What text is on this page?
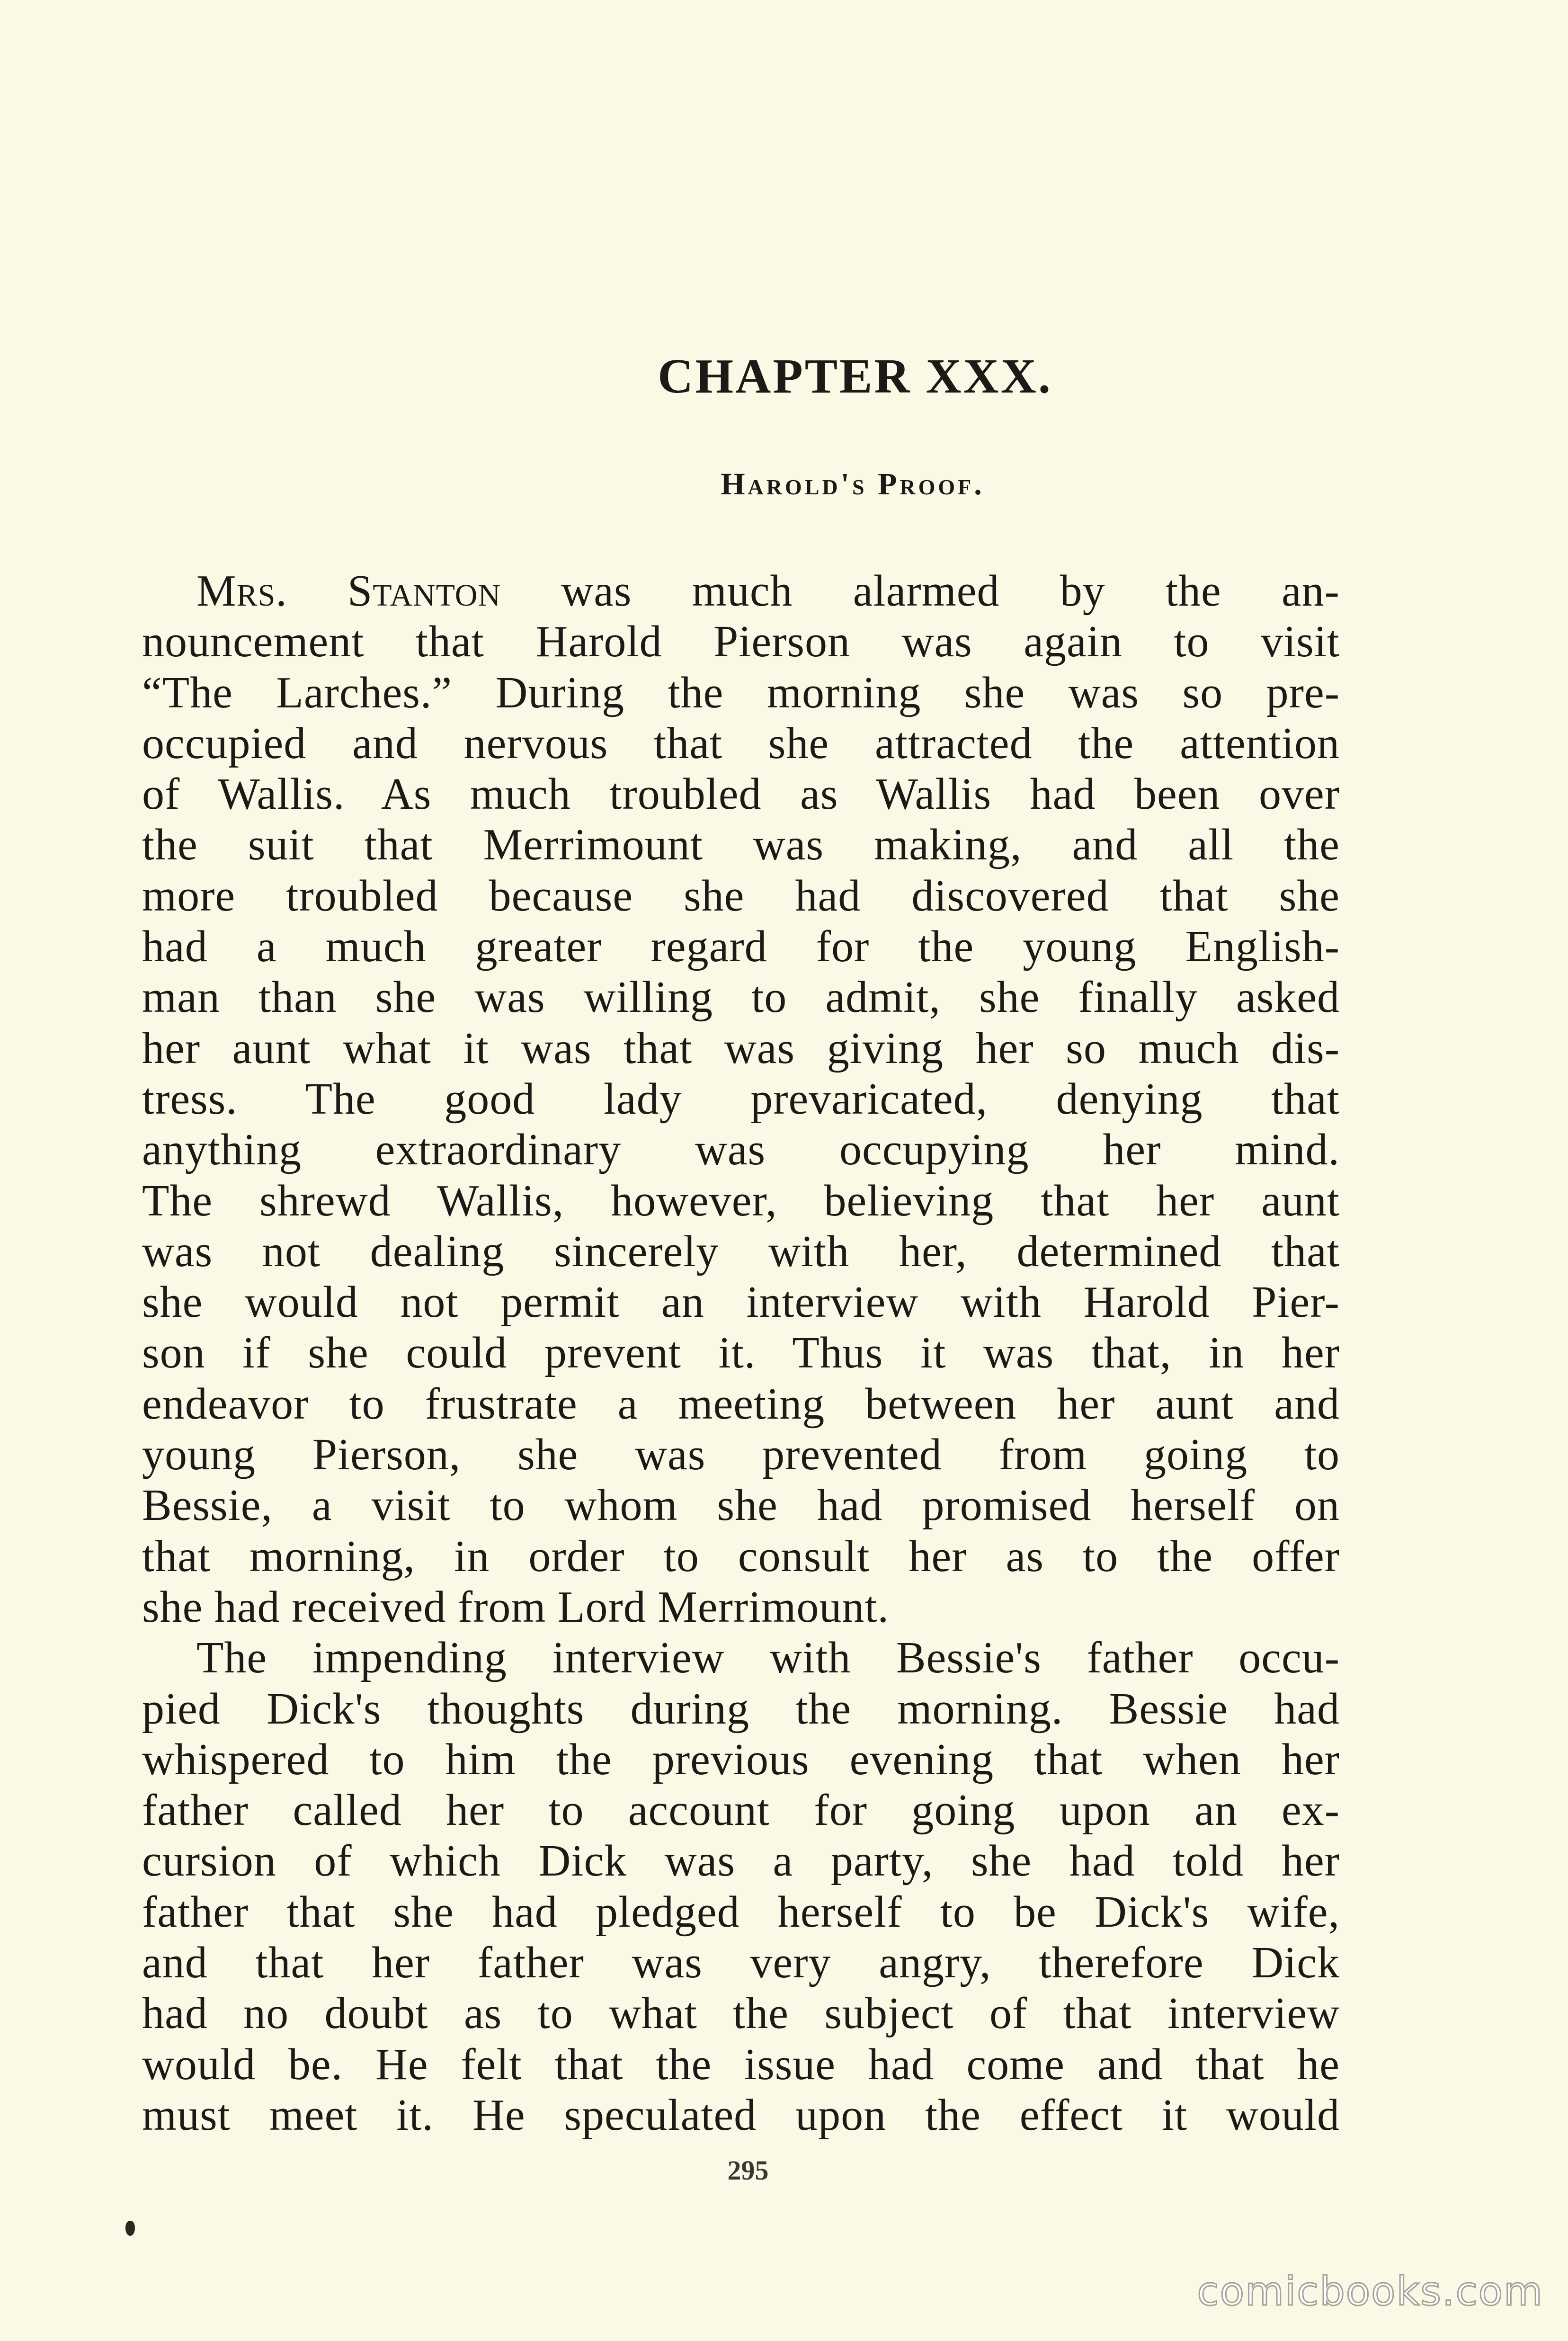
CHAPTER XXX.
Harold's Proof.
Mrs. Stanton was much alarmed by the an-
nouncement that Harold Pierson was again to visit
“The Larches.” During the morning she was so pre-
occupied and nervous that she attracted the attention
of Wallis. As much troubled as Wallis had been over
the suit that Merrimount was making, and all the
more troubled because she had discovered that she
had a much greater regard for the young English-
man than she was willing to admit, she finally asked
her aunt what it was that was giving her so much dis-
tress. The good lady prevaricated, denying that
anything extraordinary was occupying her mind.
The shrewd Wallis, however, believing that her aunt
was not dealing sincerely with her, determined that
she would not permit an interview with Harold Pier-
son if she could prevent it. Thus it was that, in her
endeavor to frustrate a meeting between her aunt and
young Pierson, she was prevented from going to
Bessie, a visit to whom she had promised herself on
that morning, in order to consult her as to the offer
she had received from Lord Merrimount.
The impending interview with Bessie's father occu-
pied Dick's thoughts during the morning. Bessie had
whispered to him the previous evening that when her
father called her to account for going upon an ex-
cursion of which Dick was a party, she had told her
father that she had pledged herself to be Dick's wife,
and that her father was very angry, therefore Dick
had no doubt as to what the subject of that interview
would be. He felt that the issue had come and that he
must meet it. He speculated upon the effect it would

295

comicbooks.com
